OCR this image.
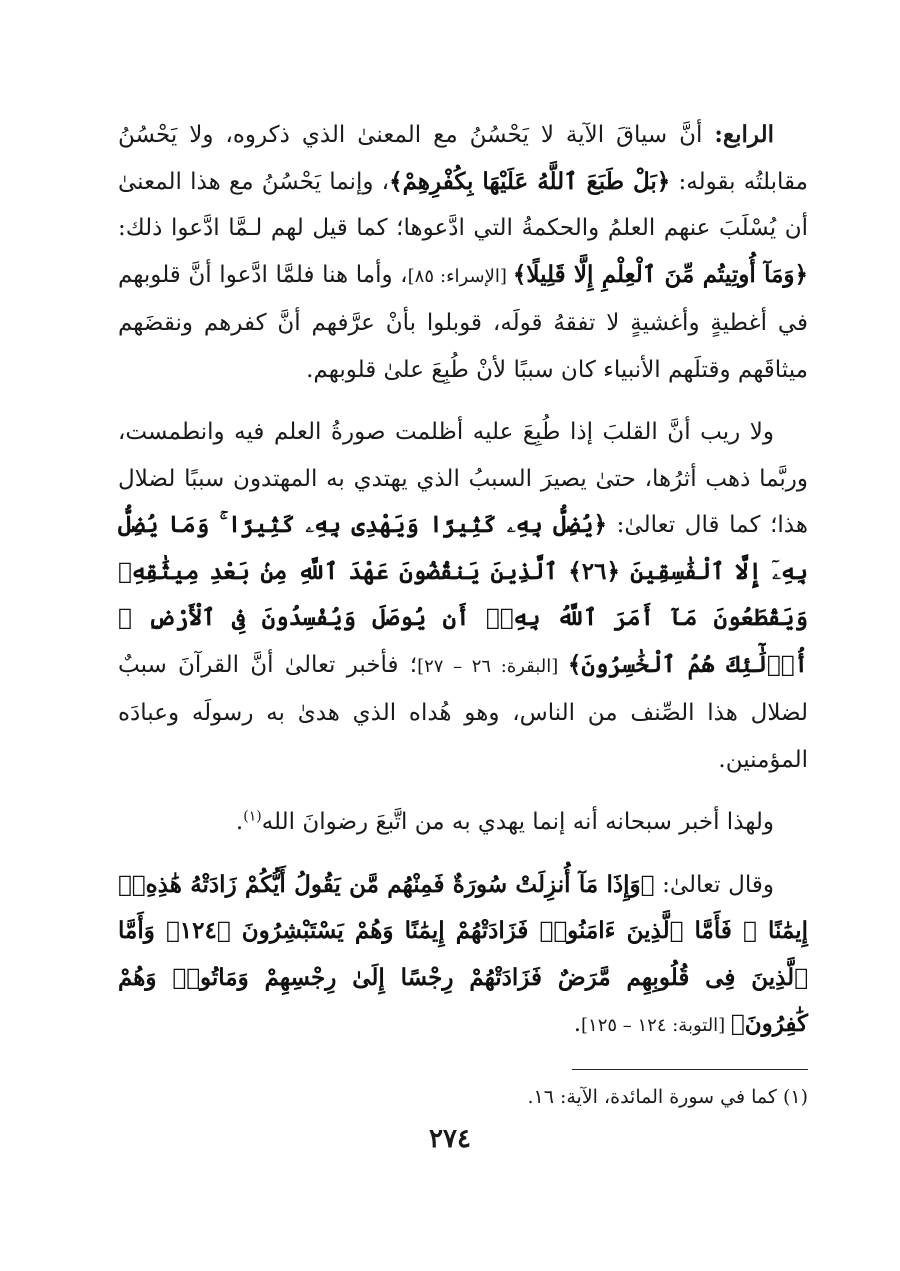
الرابع: أنَّ سياقَ الآية لا يَحْسُنُ مع المعنىٰ الذي ذكروه، ولا يَحْسُنُ مقابلتُه بقوله: ﴿بَلْ طَبَعَ ٱللَّهُ عَلَيْهَا بِكُفْرِهِمْ﴾، وإنما يَحْسُنُ مع هذا المعنىٰ أن يُسْلَبَ عنهم العلمُ والحكمةُ التي ادَّعوها؛ كما قيل لهم لـمَّا ادَّعوا ذلك: ﴿وَمَآ أُوتِيتُم مِّنَ ٱلْعِلْمِ إِلَّا قَلِيلًا﴾ [الإسراء: ٨٥]، وأما هنا فلمَّا ادَّعوا أنَّ قلوبهم في أغطيةٍ وأغشيةٍ لا تفقهُ قولَه، قوبلوا بأنْ عرَّفهم أنَّ كفرهم ونقضَهم ميثاقَهم وقتلَهم الأنبياء كان سببًا لأنْ طُبِعَ علىٰ قلوبهم.

ولا ريب أنَّ القلبَ إذا طُبِعَ عليه أظلمت صورةُ العلم فيه وانطمست، وربَّما ذهب أثرُها، حتىٰ يصيرَ السببُ الذي يهتدي به المهتدون سببًا لضلال هذا؛ كما قال تعالىٰ: ﴿يُضِلُّ بِهِۦ كَثِيرًا وَيَهْدِى بِهِۦ كَثِيرًا ۚ وَمَا يُضِلُّ بِهِۦٓ إِلَّا ٱلْفَٰسِقِينَ ﴿٢٦﴾ ٱلَّذِينَ يَنقُضُونَ عَهْدَ ٱللَّهِ مِنۢ بَعْدِ مِيثَٰقِهِۦ وَيَقْطَعُونَ مَآ أَمَرَ ٱللَّهُ بِهِۦٓ أَن يُوصَلَ وَيُفْسِدُونَ فِى ٱلْأَرْضِ ۚ أُو۟لَٰٓئِكَ هُمُ ٱلْخَٰسِرُونَ﴾ [البقرة: ٢٦ – ٢٧]؛ فأخبر تعالىٰ أنَّ القرآنَ سببٌ لضلال هذا الصِّنف من الناس، وهو هُداه الذي هدىٰ به رسولَه وعبادَه المؤمنين.

ولهذا أخبر سبحانه أنه إنما يهدي به من اتَّبعَ رضوانَ الله$^{(١)}$.

وقال تعالىٰ: ﴿وَإِذَا مَآ أُنزِلَتْ سُورَةٌ فَمِنْهُم مَّن يَقُولُ أَيُّكُمْ زَادَتْهُ هَٰذِهِۦٓ إِيمَٰنًا ۚ فَأَمَّا ٱلَّذِينَ ءَامَنُوا۟ فَزَادَتْهُمْ إِيمَٰنًا وَهُمْ يَسْتَبْشِرُونَ ﴿١٢٤﴾ وَأَمَّا ٱلَّذِينَ فِى قُلُوبِهِم مَّرَضٌ فَزَادَتْهُمْ رِجْسًا إِلَىٰ رِجْسِهِمْ وَمَاتُوا۟ وَهُمْ كَٰفِرُونَ﴾ [التوبة: ١٢٤ – ١٢٥].

(١) كما في سورة المائدة، الآية: ١٦.
٢٧٤
